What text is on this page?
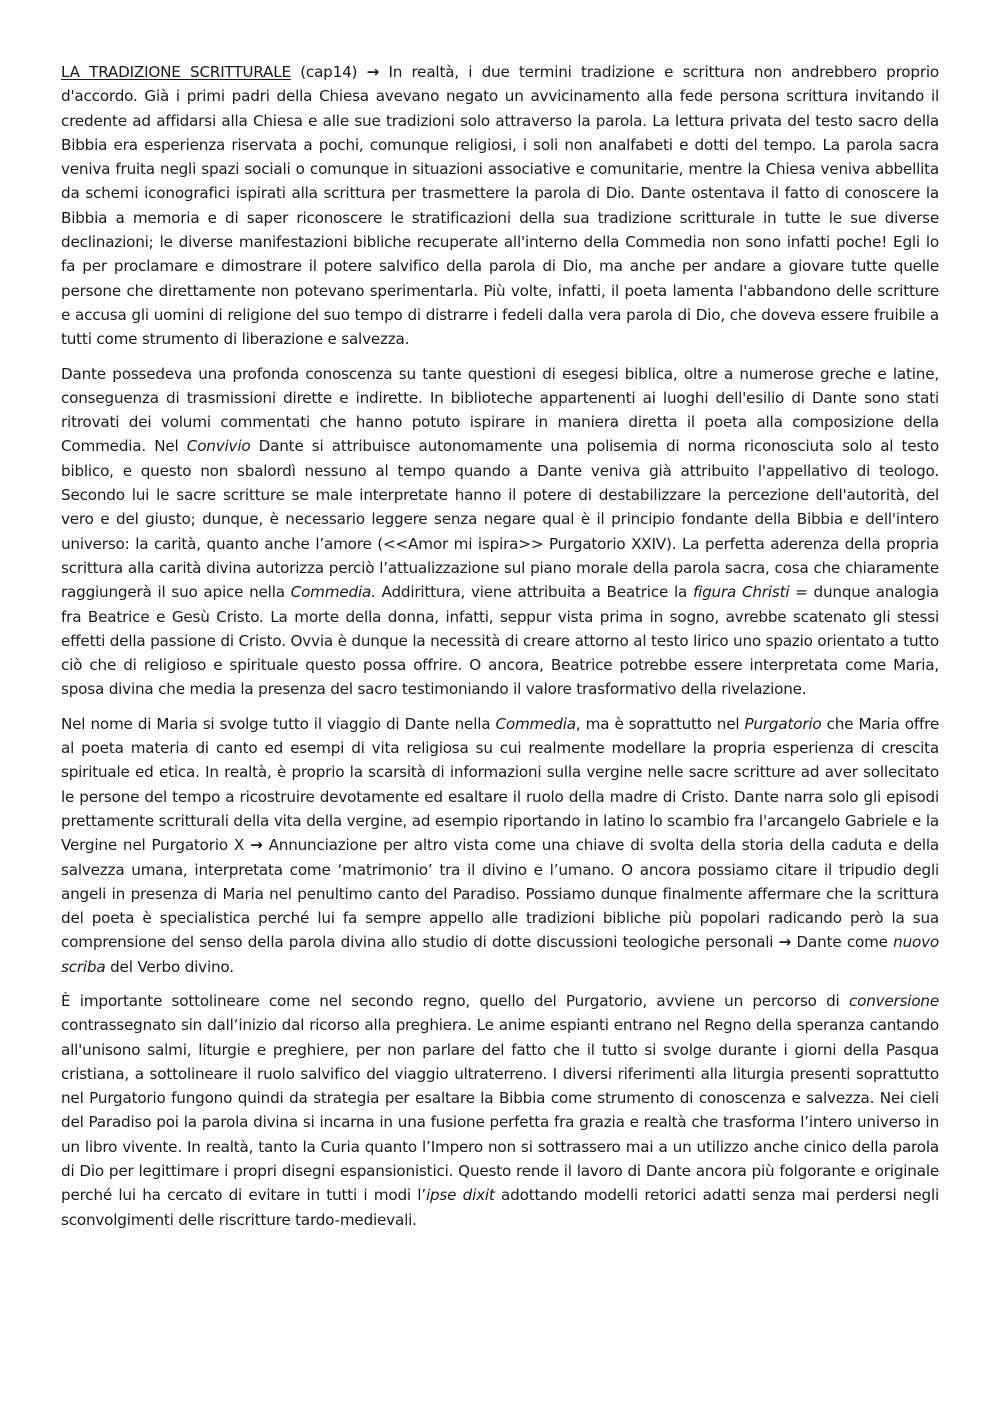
LA TRADIZIONE SCRITTURALE (cap14) → In realtà, i due termini tradizione e scrittura non andrebbero proprio d'accordo. Già i primi padri della Chiesa avevano negato un avvicinamento alla fede persona scrittura invitando il credente ad affidarsi alla Chiesa e alle sue tradizioni solo attraverso la parola. La lettura privata del testo sacro della Bibbia era esperienza riservata a pochi, comunque religiosi, i soli non analfabeti e dotti del tempo. La parola sacra veniva fruita negli spazi sociali o comunque in situazioni associative e comunitarie, mentre la Chiesa veniva abbellita da schemi iconografici ispirati alla scrittura per trasmettere la parola di Dio. Dante ostentava il fatto di conoscere la Bibbia a memoria e di saper riconoscere le stratificazioni della sua tradizione scritturale in tutte le sue diverse declinazioni; le diverse manifestazioni bibliche recuperate all'interno della Commedia non sono infatti poche! Egli lo fa per proclamare e dimostrare il potere salvifico della parola di Dio, ma anche per andare a giovare tutte quelle persone che direttamente non potevano sperimentarla. Più volte, infatti, il poeta lamenta l'abbandono delle scritture e accusa gli uomini di religione del suo tempo di distrarre i fedeli dalla vera parola di Dio, che doveva essere fruibile a tutti come strumento di liberazione e salvezza.

Dante possedeva una profonda conoscenza su tante questioni di esegesi biblica, oltre a numerose greche e latine, conseguenza di trasmissioni dirette e indirette. In biblioteche appartenenti ai luoghi dell'esilio di Dante sono stati ritrovati dei volumi commentati che hanno potuto ispirare in maniera diretta il poeta alla composizione della Commedia. Nel Convivio Dante si attribuisce autonomamente una polisemia di norma riconosciuta solo al testo biblico, e questo non sbalordì nessuno al tempo quando a Dante veniva già attribuito l'appellativo di teologo. Secondo lui le sacre scritture se male interpretate hanno il potere di destabilizzare la percezione dell'autorità, del vero e del giusto; dunque, è necessario leggere senza negare qual è il principio fondante della Bibbia e dell'intero universo: la carità, quanto anche l’amore (<<Amor mi ispira>> Purgatorio XXIV). La perfetta aderenza della propria scrittura alla carità divina autorizza perciò l’attualizzazione sul piano morale della parola sacra, cosa che chiaramente raggiungerà il suo apice nella Commedia. Addirittura, viene attribuita a Beatrice la figura Christi = dunque analogia fra Beatrice e Gesù Cristo. La morte della donna, infatti, seppur vista prima in sogno, avrebbe scatenato gli stessi effetti della passione di Cristo. Ovvia è dunque la necessità di creare attorno al testo lirico uno spazio orientato a tutto ciò che di religioso e spirituale questo possa offrire. O ancora, Beatrice potrebbe essere interpretata come Maria, sposa divina che media la presenza del sacro testimoniando il valore trasformativo della rivelazione.

Nel nome di Maria si svolge tutto il viaggio di Dante nella Commedia, ma è soprattutto nel Purgatorio che Maria offre al poeta materia di canto ed esempi di vita religiosa su cui realmente modellare la propria esperienza di crescita spirituale ed etica. In realtà, è proprio la scarsità di informazioni sulla vergine nelle sacre scritture ad aver sollecitato le persone del tempo a ricostruire devotamente ed esaltare il ruolo della madre di Cristo. Dante narra solo gli episodi prettamente scritturali della vita della vergine, ad esempio riportando in latino lo scambio fra l'arcangelo Gabriele e la Vergine nel Purgatorio X → Annunciazione per altro vista come una chiave di svolta della storia della caduta e della salvezza umana, interpretata come ‘matrimonio’ tra il divino e l’umano. O ancora possiamo citare il tripudio degli angeli in presenza di Maria nel penultimo canto del Paradiso. Possiamo dunque finalmente affermare che la scrittura del poeta è specialistica perché lui fa sempre appello alle tradizioni bibliche più popolari radicando però la sua comprensione del senso della parola divina allo studio di dotte discussioni teologiche personali → Dante come nuovo scriba del Verbo divino.

È importante sottolineare come nel secondo regno, quello del Purgatorio, avviene un percorso di conversione contrassegnato sin dall’inizio dal ricorso alla preghiera. Le anime espianti entrano nel Regno della speranza cantando all'unisono salmi, liturgie e preghiere, per non parlare del fatto che il tutto si svolge durante i giorni della Pasqua cristiana, a sottolineare il ruolo salvifico del viaggio ultraterreno. I diversi riferimenti alla liturgia presenti soprattutto nel Purgatorio fungono quindi da strategia per esaltare la Bibbia come strumento di conoscenza e salvezza. Nei cieli del Paradiso poi la parola divina si incarna in una fusione perfetta fra grazia e realtà che trasforma l’intero universo in un libro vivente. In realtà, tanto la Curia quanto l’Impero non si sottrassero mai a un utilizzo anche cinico della parola di Dio per legittimare i propri disegni espansionistici. Questo rende il lavoro di Dante ancora più folgorante e originale perché lui ha cercato di evitare in tutti i modi l’ipse dixit adottando modelli retorici adatti senza mai perdersi negli sconvolgimenti delle riscritture tardo-medievali.
